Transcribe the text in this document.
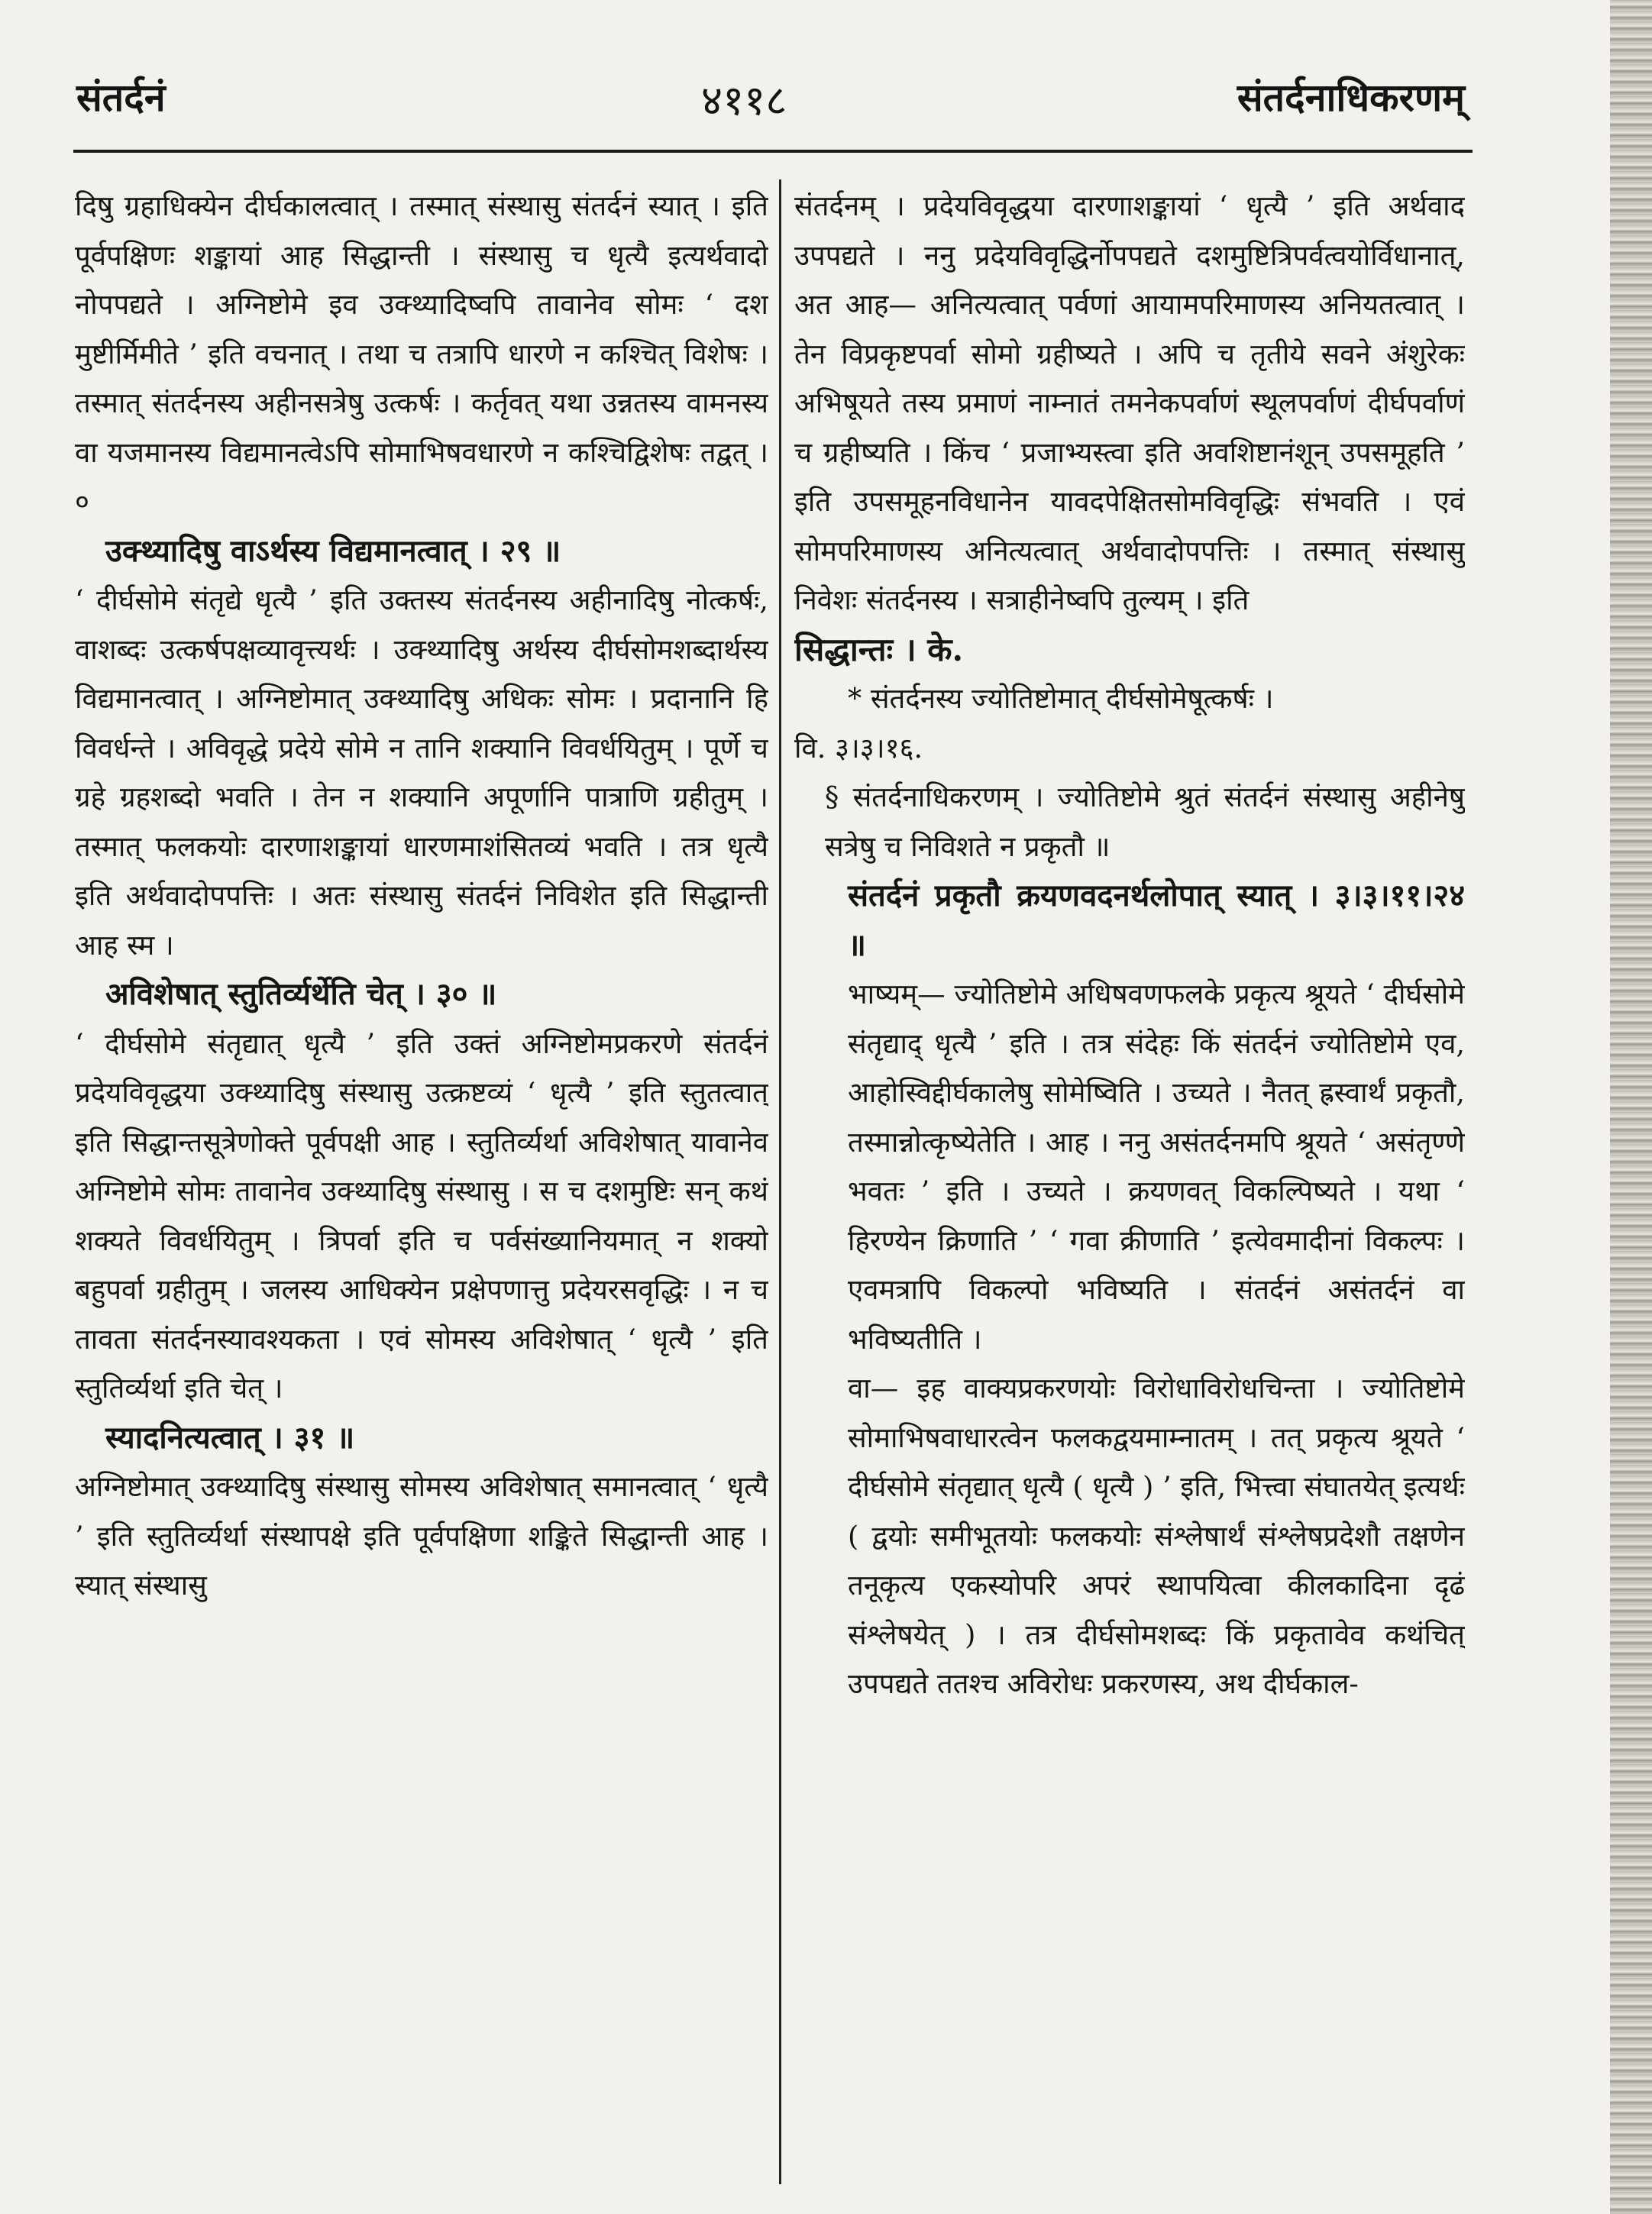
संतर्दनं	४११८	संतर्दनाधिकरणम्

दिषु ग्रहाधिक्येन दीर्घकालत्वात् । तस्मात् संस्थासु संतर्दनं स्यात् । इति पूर्वपक्षिणः शङ्कायां आह सिद्धान्ती । संस्थासु च धृत्यै इत्यर्थवादो नोपपद्यते । अग्निष्टोमे इव उक्थ्यादिष्वपि तावानेव सोमः ‘ दश मुष्टीर्मिमीते ’ इति वचनात् । तथा च तत्रापि धारणे न कश्चित् विशेषः । तस्मात् संतर्दनस्य अहीनसत्रेषु उत्कर्षः । कर्तृवत् यथा उन्नतस्य वामनस्य वा यजमानस्य विद्यमानत्वेऽपि सोमाभिषवधारणे न कश्चिद्विशेषः तद्वत् । ०

उक्थ्यादिषु वाऽर्थस्य विद्यमानत्वात् । २९ ॥

‘ दीर्घसोमे संतृद्ये धृत्यै ’ इति उक्तस्य संतर्दनस्य अहीनादिषु नोत्कर्षः, वाशब्दः उत्कर्षपक्षव्यावृत्त्यर्थः । उक्थ्यादिषु अर्थस्य दीर्घसोमशब्दार्थस्य विद्यमानत्वात् । अग्निष्टोमात् उक्थ्यादिषु अधिकः सोमः । प्रदानानि हि विवर्धन्ते । अविवृद्धे प्रदेये सोमे न तानि शक्यानि विवर्धयितुम् । पूर्णे च ग्रहे ग्रहशब्दो भवति । तेन न शक्यानि अपूर्णानि पात्राणि ग्रहीतुम् । तस्मात् फलकयोः दारणाशङ्कायां धारणमाशंसितव्यं भवति । तत्र धृत्यै इति अर्थवादोपपत्तिः । अतः संस्थासु संतर्दनं निविशेत इति सिद्धान्ती आह स्म ।

अविशेषात् स्तुतिर्व्यर्थेति चेत् । ३० ॥

‘ दीर्घसोमे संतृद्यात् धृत्यै ’ इति उक्तं अग्निष्टोमप्रकरणे संतर्दनं प्रदेयविवृद्धया उक्थ्यादिषु संस्थासु उत्क्रष्टव्यं ‘ धृत्यै ’ इति स्तुतत्वात् इति सिद्धान्तसूत्रेणोक्ते पूर्वपक्षी आह । स्तुतिर्व्यर्था अविशेषात् यावानेव अग्निष्टोमे सोमः तावानेव उक्थ्यादिषु संस्थासु । स च दशमुष्टिः सन् कथं शक्यते विवर्धयितुम् । त्रिपर्वा इति च पर्वसंख्यानियमात् न शक्यो बहुपर्वा ग्रहीतुम् । जलस्य आधिक्येन प्रक्षेपणात्तु प्रदेयरसवृद्धिः । न च तावता संतर्दनस्यावश्यकता । एवं सोमस्य अविशेषात् ‘ धृत्यै ’ इति स्तुतिर्व्यर्था इति चेत् ।

स्यादनित्यत्वात् । ३१ ॥

अग्निष्टोमात् उक्थ्यादिषु संस्थासु सोमस्य अविशेषात् समानत्वात् ‘ धृत्यै ’ इति स्तुतिर्व्यर्था संस्थापक्षे इति पूर्वपक्षिणा शङ्किते सिद्धान्ती आह । स्यात् संस्थासु

संतर्दनम् । प्रदेयविवृद्धया दारणाशङ्कायां ‘ धृत्यै ’ इति अर्थवाद उपपद्यते । ननु प्रदेयविवृद्धिर्नोपपद्यते दशमुष्टित्रिपर्वत्वयोर्विधानात्, अत आह— अनित्यत्वात् पर्वणां आयामपरिमाणस्य अनियतत्वात् । तेन विप्रकृष्टपर्वा सोमो ग्रहीष्यते । अपि च तृतीये सवने अंशुरेकः अभिषूयते तस्य प्रमाणं नाम्नातं तमनेकपर्वाणं स्थूलपर्वाणं दीर्घपर्वाणं च ग्रहीष्यति । किंच ‘ प्रजाभ्यस्त्वा इति अवशिष्टानंशून् उपसमूहति ’ इति उपसमूहनविधानेन यावदपेक्षितसोमविवृद्धिः संभवति । एवं सोमपरिमाणस्य अनित्यत्वात् अर्थवादोपपत्तिः । तस्मात् संस्थासु निवेशः संतर्दनस्य । सत्राहीनेष्वपि तुल्यम् । इति

सिद्धान्तः । के.

* संतर्दनस्य ज्योतिष्टोमात् दीर्घसोमेषूत्कर्षः ।

वि. ३।३।१६.

§ संतर्दनाधिकरणम् । ज्योतिष्टोमे श्रुतं संतर्दनं संस्थासु अहीनेषु सत्रेषु च निविशते न प्रकृतौ ॥

संतर्दनं प्रकृतौ क्रयणवदनर्थलोपात् स्यात् । ३।३।११।२४ ॥

भाष्यम्— ज्योतिष्टोमे अधिषवणफलके प्रकृत्य श्रूयते ‘ दीर्घसोमे संतृद्याद् धृत्यै ’ इति । तत्र संदेहः किं संतर्दनं ज्योतिष्टोमे एव, आहोस्विद्दीर्घकालेषु सोमेष्विति । उच्यते । नैतत् ह्रस्वार्थं प्रकृतौ, तस्मान्नोत्कृष्येतेति । आह । ननु असंतर्दनमपि श्रूयते ‘ असंतृण्णे भवतः ’ इति । उच्यते । क्रयणवत् विकल्पिष्यते । यथा ‘ हिरण्येन क्रिणाति ’ ‘ गवा क्रीणाति ’ इत्येवमादीनां विकल्पः । एवमत्रापि विकल्पो भविष्यति । संतर्दनं असंतर्दनं वा भविष्यतीति ।

वा— इह वाक्यप्रकरणयोः विरोधाविरोधचिन्ता । ज्योतिष्टोमे सोमाभिषवाधारत्वेन फलकद्वयमाम्नातम् । तत् प्रकृत्य श्रूयते ‘ दीर्घसोमे संतृद्यात् धृत्यै ( धृत्यै ) ’ इति, भित्त्वा संघातयेत् इत्यर्थः ( द्वयोः समीभूतयोः फलकयोः संश्लेषार्थं संश्लेषप्रदेशौ तक्षणेन तनूकृत्य एकस्योपरि अपरं स्थापयित्वा कीलकादिना दृढं संश्लेषयेत् ) । तत्र दीर्घसोमशब्दः किं प्रकृतावेव कथंचित् उपपद्यते ततश्च अविरोधः प्रकरणस्य, अथ दीर्घकाल-
